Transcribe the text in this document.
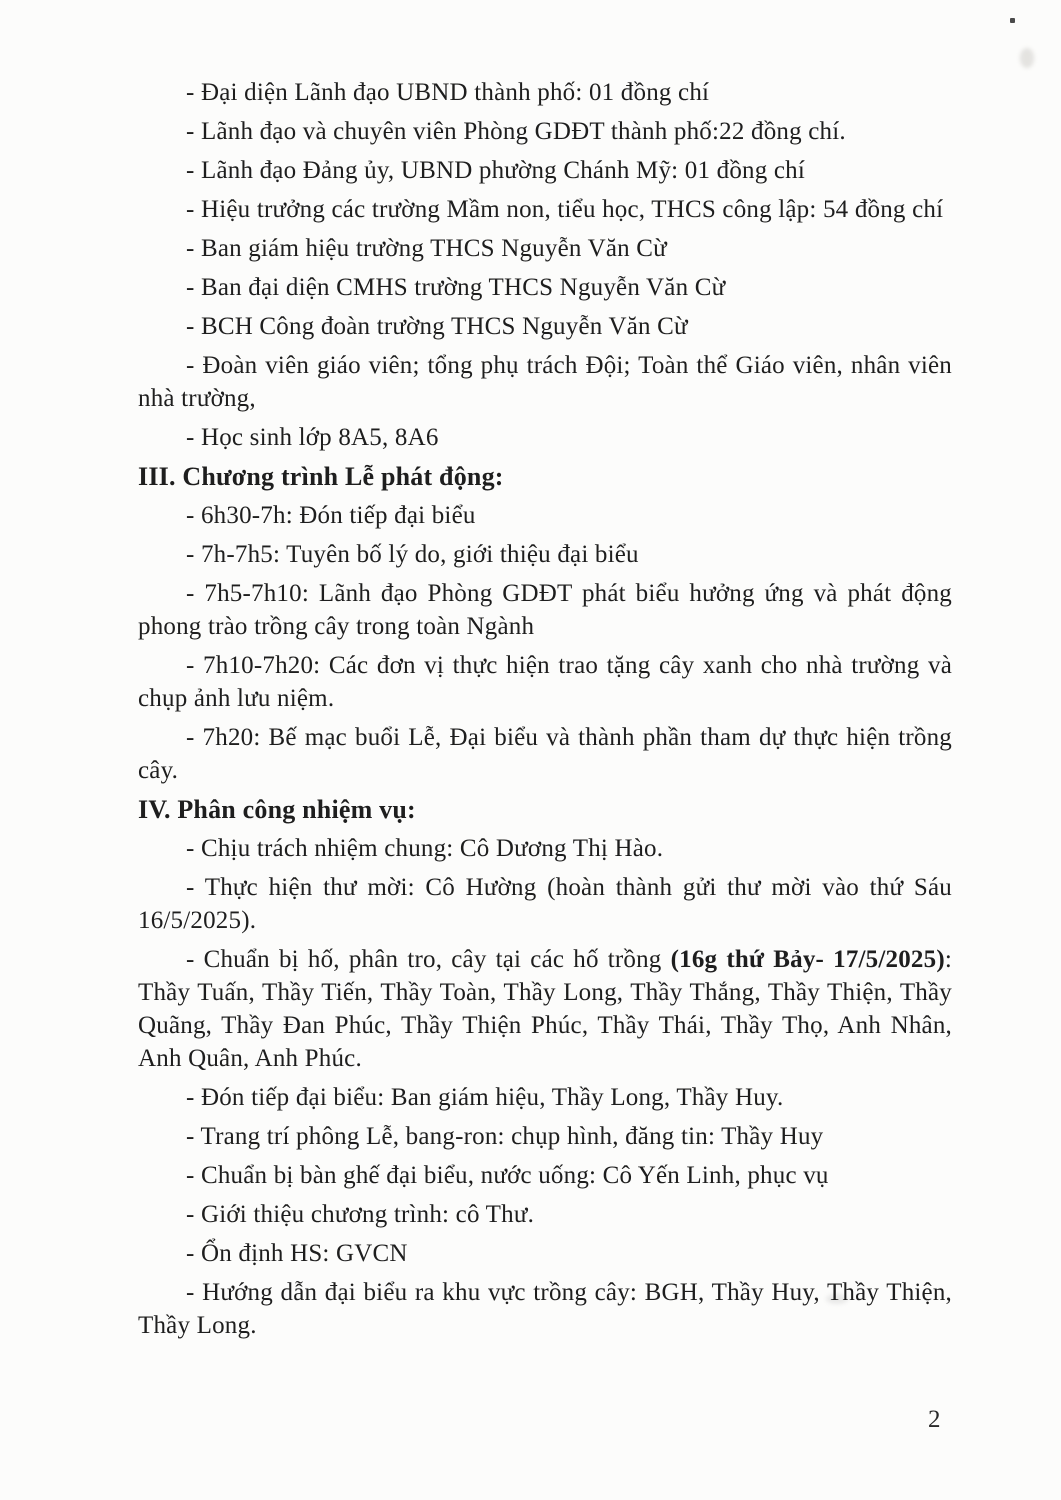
- Đại diện Lãnh đạo UBND thành phố: 01 đồng chí

- Lãnh đạo và chuyên viên Phòng GDĐT thành phố:22 đồng chí.

- Lãnh đạo Đảng ủy, UBND phường Chánh Mỹ: 01 đồng chí

- Hiệu trưởng các trường Mầm non, tiểu học, THCS công lập: 54 đồng chí

- Ban giám hiệu trường THCS Nguyễn Văn Cừ

- Ban đại diện CMHS trường THCS Nguyễn Văn Cừ

- BCH Công đoàn trường THCS Nguyễn Văn Cừ

- Đoàn viên giáo viên; tổng phụ trách Đội; Toàn thể Giáo viên, nhân viên nhà trường,

- Học sinh lớp 8A5, 8A6

III. Chương trình Lễ phát động:

- 6h30-7h: Đón tiếp đại biểu

- 7h-7h5: Tuyên bố lý do, giới thiệu đại biểu

- 7h5-7h10: Lãnh đạo Phòng GDĐT phát biểu hưởng ứng và phát động phong trào trồng cây trong toàn Ngành

- 7h10-7h20: Các đơn vị thực hiện trao tặng cây xanh cho nhà trường và chụp ảnh lưu niệm.

- 7h20: Bế mạc buổi Lễ, Đại biểu và thành phần tham dự thực hiện trồng cây.

IV. Phân công nhiệm vụ:

- Chịu trách nhiệm chung: Cô Dương Thị Hào.

- Thực hiện thư mời: Cô Hường (hoàn thành gửi thư mời vào thứ Sáu 16/5/2025).

- Chuẩn bị hố, phân tro, cây tại các hố trồng (16g thứ Bảy- 17/5/2025): Thầy Tuấn, Thầy Tiến, Thầy Toàn, Thầy Long, Thầy Thắng, Thầy Thiện, Thầy Quãng, Thầy Đan Phúc, Thầy Thiện Phúc, Thầy Thái, Thầy Thọ, Anh Nhân, Anh Quân, Anh Phúc.

- Đón tiếp đại biểu: Ban giám hiệu, Thầy Long, Thầy Huy.

- Trang trí phông Lễ, bang-ron: chụp hình, đăng tin: Thầy Huy

- Chuẩn bị bàn ghế đại biểu, nước uống: Cô Yến Linh, phục vụ

- Giới thiệu chương trình: cô Thư.

- Ổn định HS: GVCN

- Hướng dẫn đại biểu ra khu vực trồng cây: BGH, Thầy Huy, Thầy Thiện, Thầy Long.

2
